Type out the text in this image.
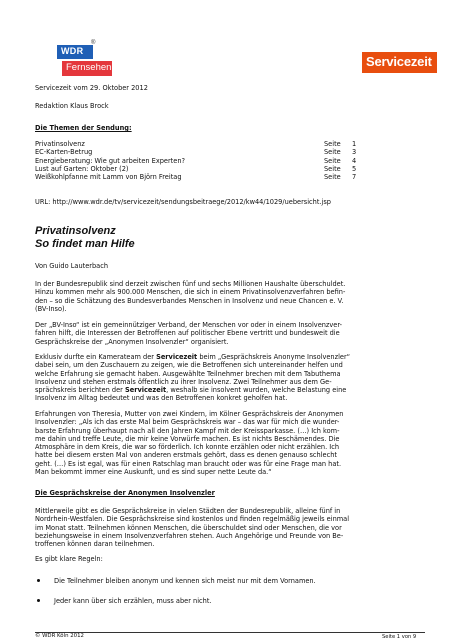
WDR
®
Fernsehen	Servicezeit
Servicezeit vom 29. Oktober 2012
Redaktion Klaus Brock
Die Themen der Sendung:
Privatinsolvenz	Seite 1
EC-Karten-Betrug	Seite 3
Energieberatung: Wie gut arbeiten Experten?	Seite 4
Lust auf Garten: Oktober (2)	Seite 5
Weißkohlpfanne mit Lamm von Björn Freitag	Seite 7
URL: http://www.wdr.de/tv/servicezeit/sendungsbeitraege/2012/kw44/1029/uebersicht.jsp
Privatinsolvenz
So findet man Hilfe
Von Guido Lauterbach
In der Bundesrepublik sind derzeit zwischen fünf und sechs Millionen Haushalte überschuldet.
Hinzu kommen mehr als 900.000 Menschen, die sich in einem Privatinsolvenzverfahren befin-
den – so die Schätzung des Bundesverbandes Menschen in Insolvenz und neue Chancen e. V.
(BV-Inso).
Der „BV-Inso“ ist ein gemeinnütziger Verband, der Menschen vor oder in einem Insolvenzver-
fahren hilft, die Interessen der Betroffenen auf politischer Ebene vertritt und bundesweit die
Gesprächskreise der „Anonymen Insolvenzler“ organisiert.
Exklusiv durfte ein Kamerateam der Servicezeit beim „Gesprächskreis Anonyme Insolvenzler“
dabei sein, um den Zuschauern zu zeigen, wie die Betroffenen sich untereinander helfen und
welche Erfahrung sie gemacht haben. Ausgewählte Teilnehmer brechen mit dem Tabuthema
Insolvenz und stehen erstmals öffentlich zu ihrer Insolvenz. Zwei Teilnehmer aus dem Ge-
sprächskreis berichten der Servicezeit, weshalb sie insolvent wurden, welche Belastung eine
Insolvenz im Alltag bedeutet und was den Betroffenen konkret geholfen hat.
Erfahrungen von Theresia, Mutter von zwei Kindern, im Kölner Gesprächskreis der Anonymen
Insolvenzler: „Als ich das erste Mal beim Gesprächskreis war – das war für mich die wunder-
barste Erfahrung überhaupt nach all den Jahren Kampf mit der Kreissparkasse. (…) Ich kom-
me dahin und treffe Leute, die mir keine Vorwürfe machen. Es ist nichts Beschämendes. Die
Atmosphäre in dem Kreis, die war so förderlich. Ich konnte erzählen oder nicht erzählen. Ich
hatte bei diesem ersten Mal von anderen erstmals gehört, dass es denen genauso schlecht
geht. (…) Es ist egal, was für einen Ratschlag man braucht oder was für eine Frage man hat.
Man bekommt immer eine Auskunft, und es sind super nette Leute da.“
Die Gesprächskreise der Anonymen Insolvenzler
Mittlerweile gibt es die Gesprächskreise in vielen Städten der Bundesrepublik, alleine fünf in
Nordrhein-Westfalen. Die Gesprächskreise sind kostenlos und finden regelmäßig jeweils einmal
im Monat statt. Teilnehmen können Menschen, die überschuldet sind oder Menschen, die vor
beziehungsweise in einem Insolvenzverfahren stehen. Auch Angehörige und Freunde von Be-
troffenen können daran teilnehmen.
Es gibt klare Regeln:
Die Teilnehmer bleiben anonym und kennen sich meist nur mit dem Vornamen.
Jeder kann über sich erzählen, muss aber nicht.
© WDR Köln 2012	Seite 1 von 9
